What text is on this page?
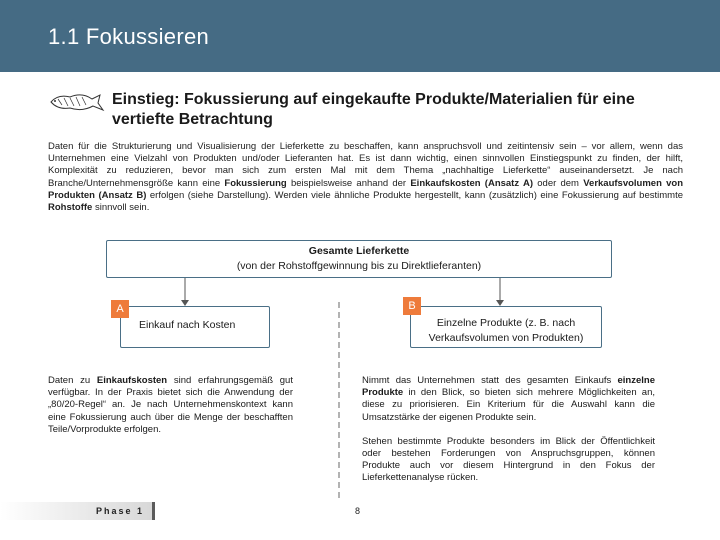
1.1 Fokussieren
Einstieg: Fokussierung auf eingekaufte Produkte/Materialien für eine vertiefte Betrachtung
Daten für die Strukturierung und Visualisierung der Lieferkette zu beschaffen, kann anspruchsvoll und zeitintensiv sein – vor allem, wenn das Unternehmen eine Vielzahl von Produkten und/oder Lieferanten hat. Es ist dann wichtig, einen sinnvollen Einstiegspunkt zu finden, der hilft, Komplexität zu reduzieren, bevor man sich zum ersten Mal mit dem Thema „nachhaltige Lieferkette“ auseinandersetzt. Je nach Branche/Unternehmensgröße kann eine Fokussierung beispielsweise anhand der Einkaufskosten (Ansatz A) oder dem Verkaufsvolumen von Produkten (Ansatz B) erfolgen (siehe Darstellung). Werden viele ähnliche Produkte hergestellt, kann (zusätzlich) eine Fokussierung auf bestimmte Rohstoffe sinnvoll sein.
Gesamte Lieferkette
(von der Rohstoffgewinnung bis zu Direktlieferanten)
Einkauf nach Kosten
A
Einzelne Produkte (z. B. nach
Verkaufsvolumen von Produkten)
B
Daten zu Einkaufskosten sind erfahrungsgemäß gut verfügbar. In der Praxis bietet sich die Anwendung der „80/20-Regel“ an. Je nach Unternehmenskontext kann eine Fokussierung auch über die Menge der beschafften Teile/Vorprodukte erfolgen.

Nimmt das Unternehmen statt des gesamten Einkaufs einzelne Produkte in den Blick, so bieten sich mehrere Möglichkeiten an, diese zu priorisieren. Ein Kriterium für die Auswahl kann die Umsatzstärke der eigenen Produkte sein.

Stehen bestimmte Produkte besonders im Blick der Öffentlichkeit oder bestehen Forderungen von Anspruchsgruppen, können Produkte auch vor diesem Hintergrund in den Fokus der Lieferkettenanalyse rücken.

Phase 1	8
